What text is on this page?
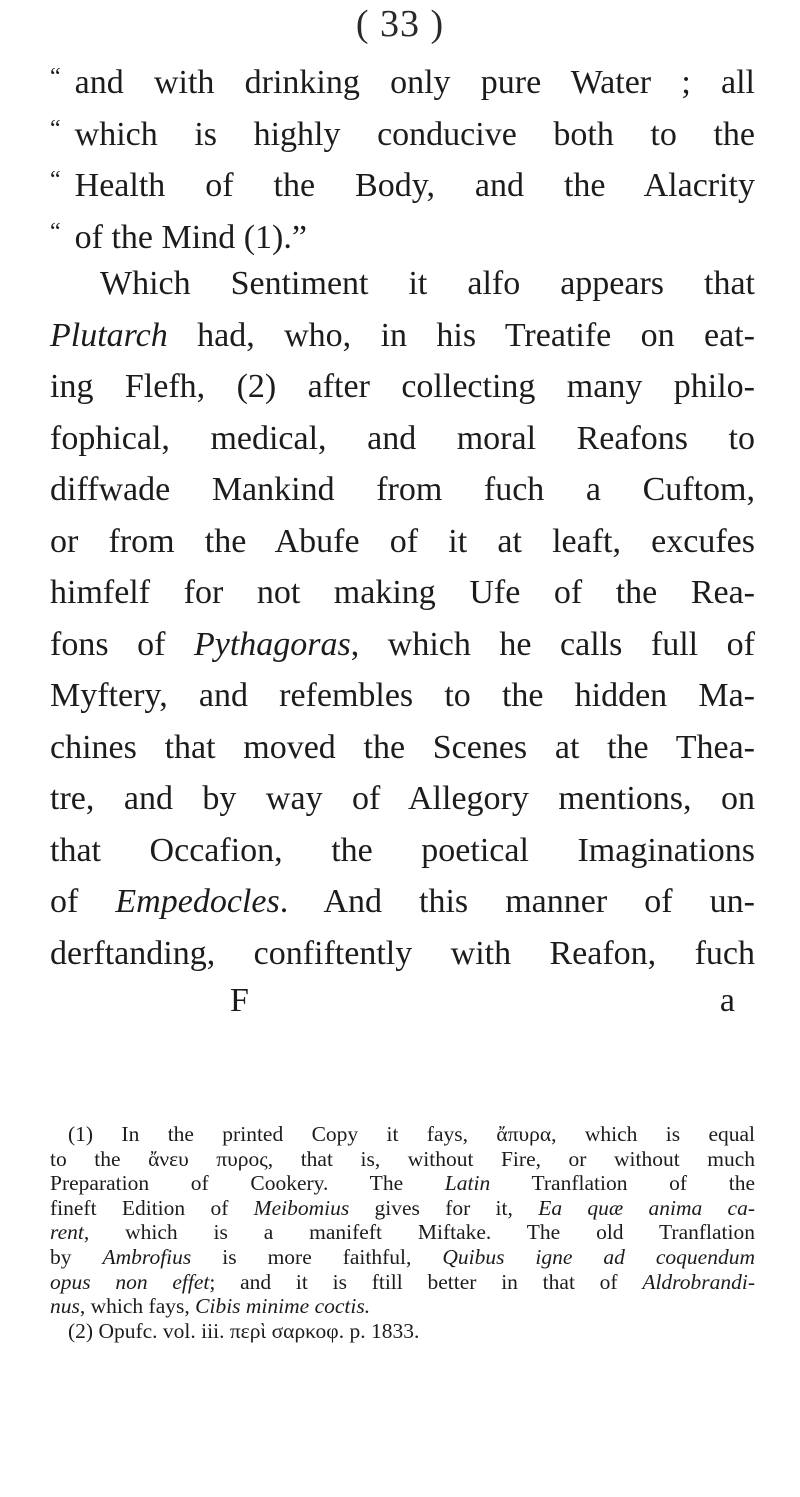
( 33 )
“ and with drinking only pure Water ; all
“ which is highly conducive both to the
“ Health of the Body, and the Alacrity
“ of the Mind (1).”
Which Sentiment it alfo appears that
Plutarch had, who, in his Treatife on eat-
ing Flefh, (2) after collecting many philo-
fophical, medical, and moral Reafons to
diffwade Mankind from fuch a Cuftom,
or from the Abufe of it at leaft, excufes
himfelf for not making Ufe of the Rea-
fons of Pythagoras, which he calls full of
Myftery, and refembles to the hidden Ma-
chines that moved the Scenes at the Thea-
tre, and by way of Allegory mentions, on
that Occafion, the poetical Imaginations
of Empedocles. And this manner of un-
derftanding, confiftently with Reafon, fuch
F	a
(1) In the printed Copy it fays, ἄπυρα, which is equal
to the ἄνευ πυρος, that is, without Fire, or without much
Preparation of Cookery. The Latin Tranflation of the
fineft Edition of Meibomius gives for it, Ea quæ anima ca-
rent, which is a manifeft Miftake. The old Tranflation
by Ambrofius is more faithful, Quibus igne ad coquendum
opus non effet; and it is ftill better in that of Aldrobrandi-
nus, which fays, Cibis minime coctis.
(2) Opufc. vol. iii. περὶ σαρκοφ. p. 1833.
